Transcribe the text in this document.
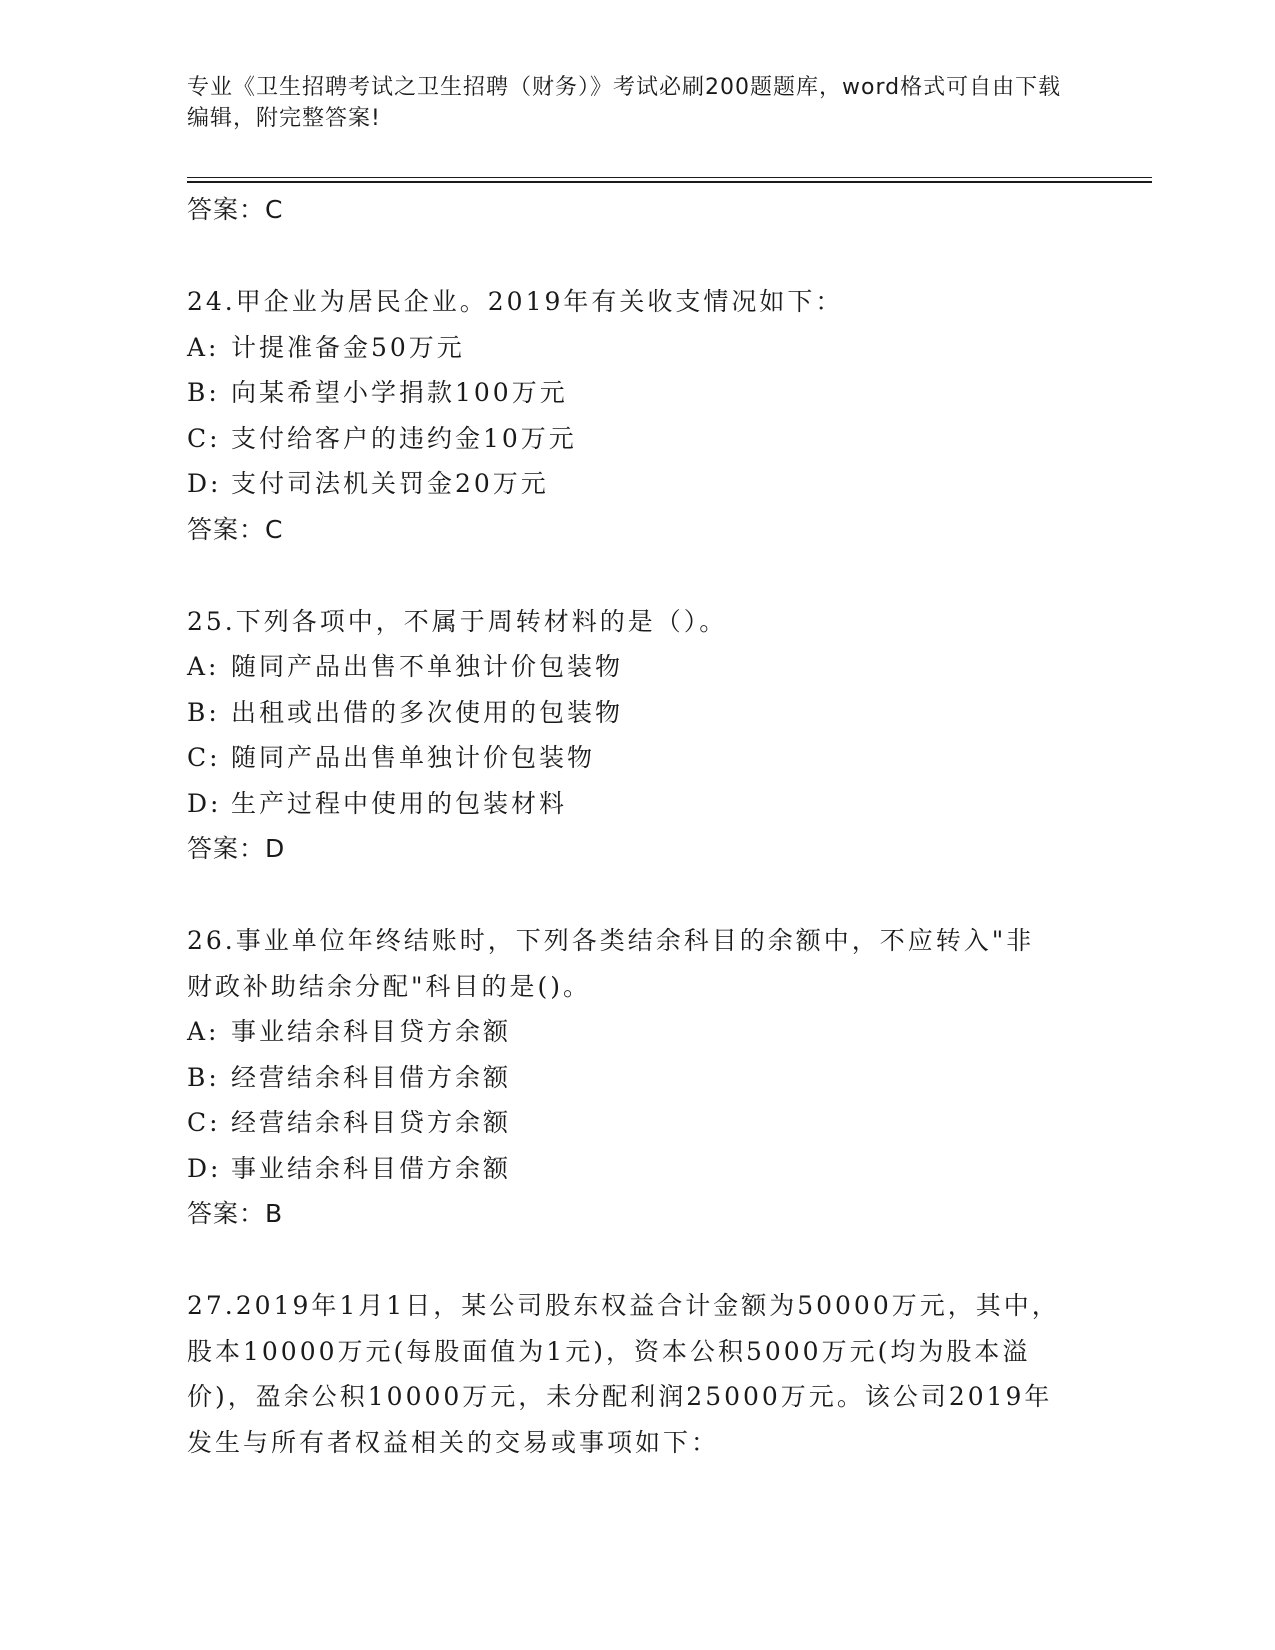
专业《卫生招聘考试之卫生招聘（财务）》考试必刷200题题库，word格式可自由下载编辑，附完整答案!
答案：C
24.甲企业为居民企业。2019年有关收支情况如下：
A: 计提准备金50万元
B: 向某希望小学捐款100万元
C: 支付给客户的违约金10万元
D: 支付司法机关罚金20万元
答案：C
25.下列各项中，不属于周转材料的是（）。
A: 随同产品出售不单独计价包装物
B: 出租或出借的多次使用的包装物
C: 随同产品出售单独计价包装物
D: 生产过程中使用的包装材料
答案：D
26.事业单位年终结账时，下列各类结余科目的余额中，不应转入"非
财政补助结余分配"科目的是()。
A: 事业结余科目贷方余额
B: 经营结余科目借方余额
C: 经营结余科目贷方余额
D: 事业结余科目借方余额
答案：B
27.2019年1月1日，某公司股东权益合计金额为50000万元，其中，
股本10000万元(每股面值为1元)，资本公积5000万元(均为股本溢
价)，盈余公积10000万元，未分配利润25000万元。该公司2019年
发生与所有者权益相关的交易或事项如下：
